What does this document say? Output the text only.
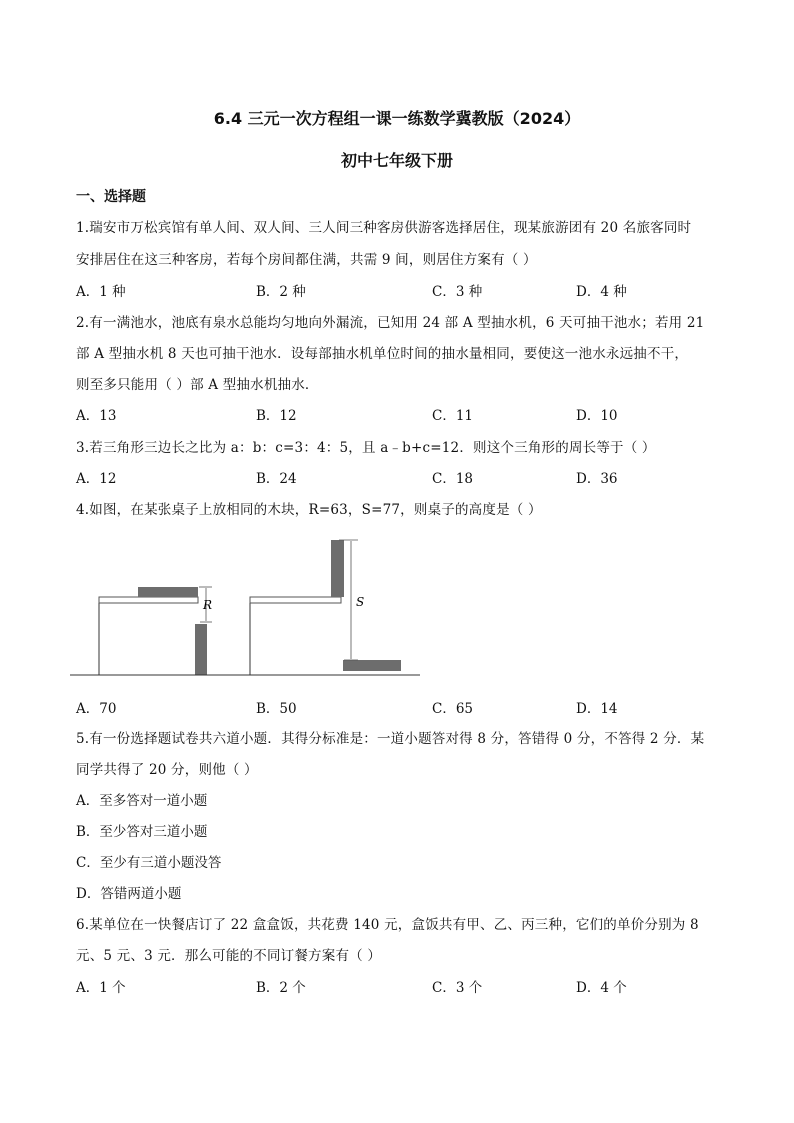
6.4 三元一次方程组一课一练数学冀教版（2024）
初中七年级下册
一、选择题
1.瑞安市万松宾馆有单人间、双人间、三人间三种客房供游客选择居住，现某旅游团有 20 名旅客同时
安排居住在这三种客房，若每个房间都住满，共需 9 间，则居住方案有（ ）
A．1 种	B．2 种	C．3 种	D．4 种
2.有一满池水，池底有泉水总能均匀地向外漏流，已知用 24 部 A 型抽水机，6 天可抽干池水；若用 21
部 A 型抽水机 8 天也可抽干池水．设每部抽水机单位时间的抽水量相同，要使这一池水永远抽不干，
则至多只能用（ ）部 A 型抽水机抽水．
A．13	B．12	C．11	D．10
3.若三角形三边长之比为 a：b：c=3：4：5，且 a﹣b+c=12．则这个三角形的周长等于（ ）
A．12	B．24	C．18	D．36
4.如图，在某张桌子上放相同的木块，R=63，S=77，则桌子的高度是（ ）
R	S
A．70	B．50	C．65	D．14
5.有一份选择题试卷共六道小题．其得分标准是：一道小题答对得 8 分，答错得 0 分，不答得 2 分．某
同学共得了 20 分，则他（ ）
A．至多答对一道小题
B．至少答对三道小题
C．至少有三道小题没答
D．答错两道小题
6.某单位在一快餐店订了 22 盒盒饭，共花费 140 元，盒饭共有甲、乙、丙三种，它们的单价分别为 8
元、5 元、3 元．那么可能的不同订餐方案有（ ）
A．1 个	B．2 个	C．3 个	D．4 个
